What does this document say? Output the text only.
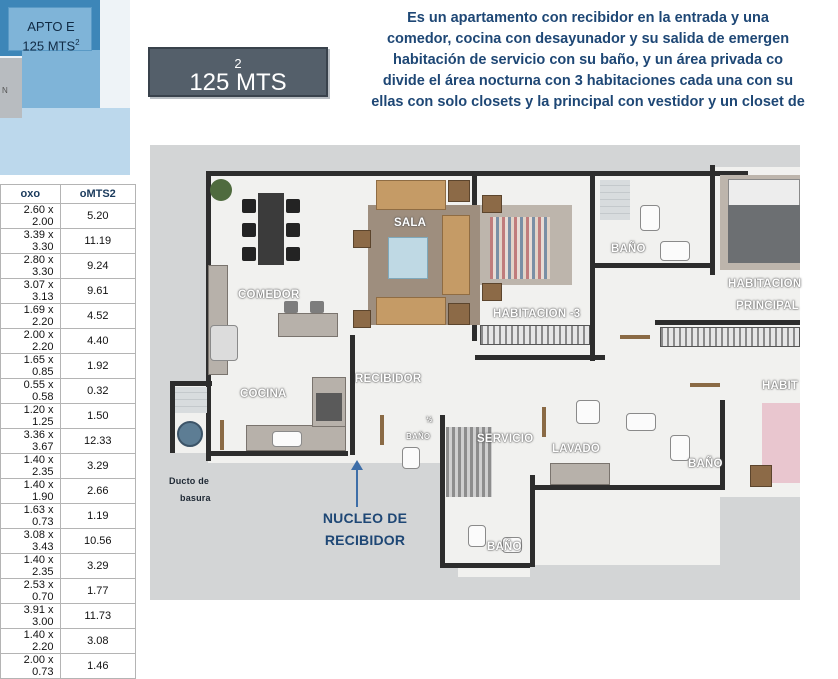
APTO E
125 MTS$^2$
N
oxo	oMTS2
2.60 x 2.00	5.20
3.39 x 3.30	11.19
2.80 x 3.30	9.24
3.07 x 3.13	9.61
1.69 x 2.20	4.52
2.00 x 2.20	4.40
1.65 x 0.85	1.92
0.55 x 0.58	0.32
1.20 x 1.25	1.50
3.36 x 3.67	12.33
1.40 x 2.35	3.29
1.40 x 1.90	2.66
1.63 x 0.73	1.19
3.08 x 3.43	10.56
1.40 x 2.35	3.29
2.53 x 0.70	1.77
3.91 x 3.00	11.73
1.40 x 2.20	3.08
2.00 x 0.73	1.46
125 MTS
$^2$
Es un apartamento con recibidor en la entrada y una
comedor, cocina con desayunador y su salida de emergen
habitación de servicio con su baño, y un área privada co
divide el área nocturna con 3 habitaciones cada una con su
ellas con solo closets y la principal con vestidor y un closet de
SALA
COMEDOR
COCINA
RECIBIDOR
HABITACION -3
BAÑO
HABITACION
PRINCIPAL
HABIT
SERVICIO
LAVADO
BAÑO
BAÑO
½
BAÑO
Ducto de
basura
NUCLEO DE
RECIBIDOR
